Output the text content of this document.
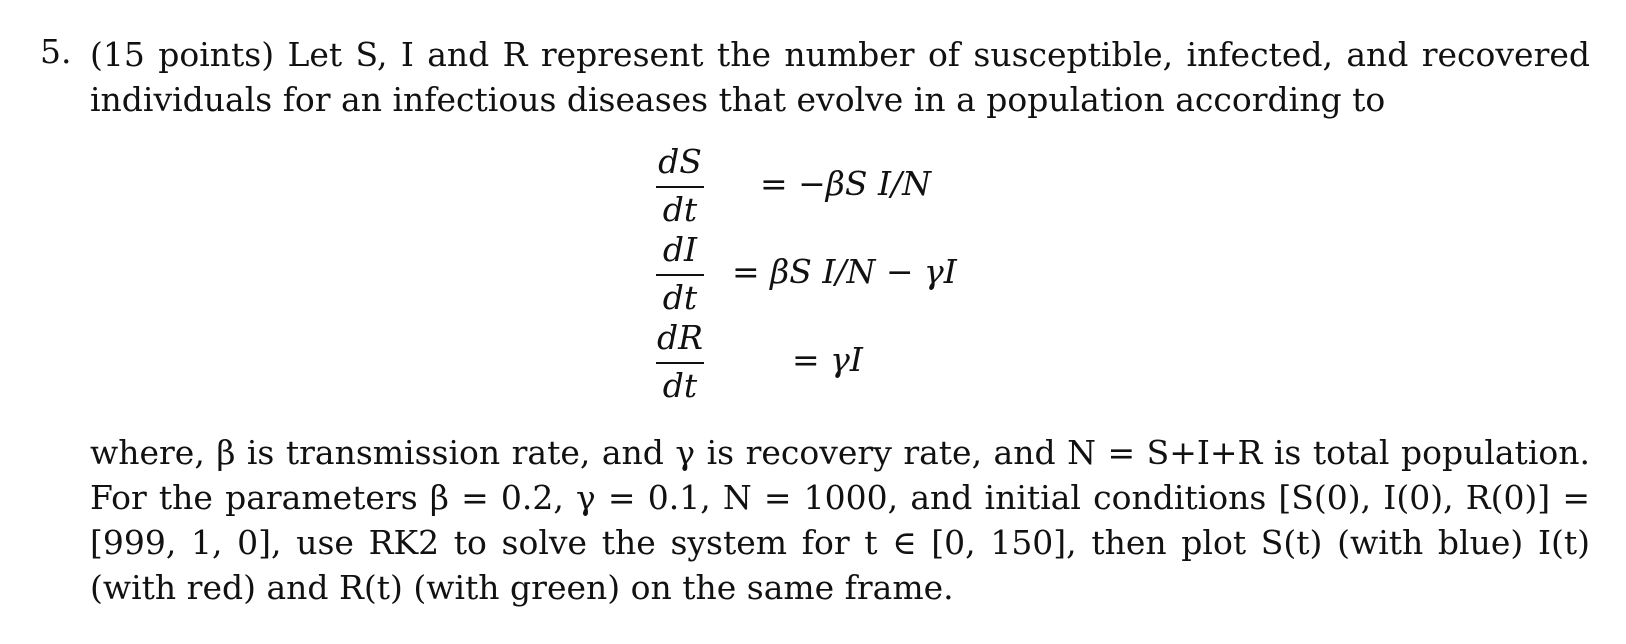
5. (15 points) Let S, I and R represent the number of susceptible, infected, and recovered individuals for an infectious diseases that evolve in a population according to
dS
dt
= −βS I/N
dI
dt
= βS I/N − γI
dR
dt
= γI
where, β is transmission rate, and γ is recovery rate, and N = S+I+R is total population. For the parameters β = 0.2, γ = 0.1, N = 1000, and initial conditions [S(0), I(0), R(0)] = [999, 1, 0], use RK2 to solve the system for t ∈ [0, 150], then plot S(t) (with blue) I(t) (with red) and R(t) (with green) on the same frame.
